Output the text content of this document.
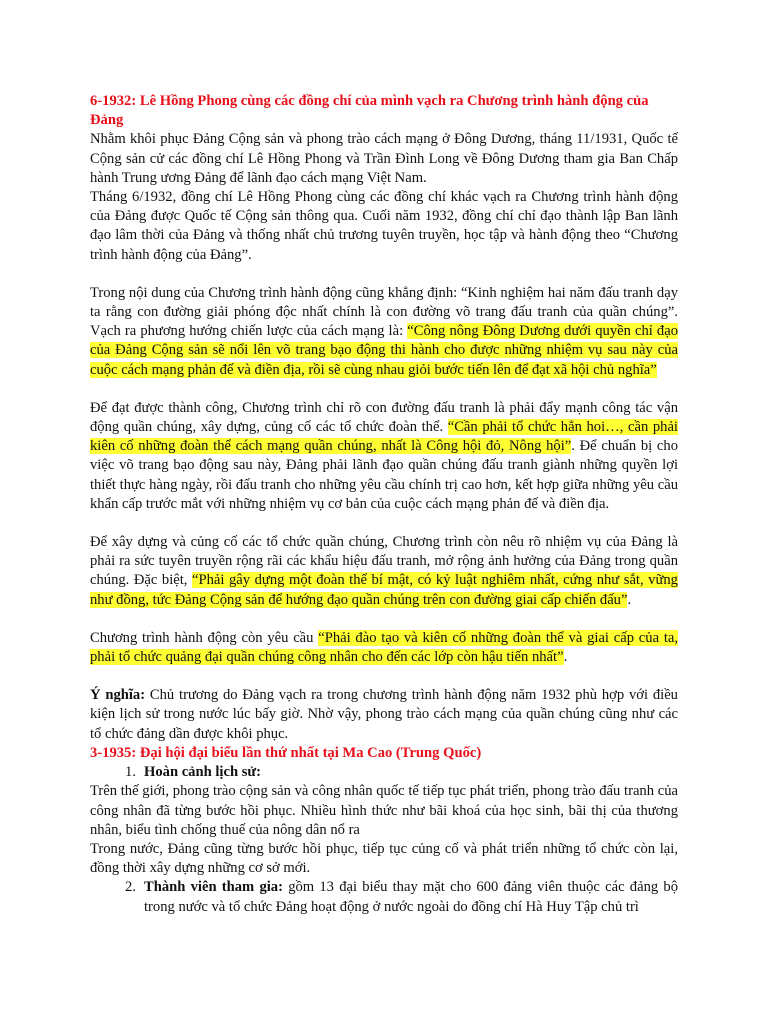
6-1932: Lê Hồng Phong cùng các đồng chí của mình vạch ra Chương trình hành động của Đảng

Nhằm khôi phục Đảng Cộng sản và phong trào cách mạng ở Đông Dương, tháng 11/1931, Quốc tế Cộng sản cử các đồng chí Lê Hồng Phong và Trần Đình Long về Đông Dương tham gia Ban Chấp hành Trung ương Đảng để lãnh đạo cách mạng Việt Nam.

Tháng 6/1932, đồng chí Lê Hồng Phong cùng các đồng chí khác vạch ra Chương trình hành động của Đảng được Quốc tế Cộng sản thông qua. Cuối năm 1932, đồng chí chỉ đạo thành lập Ban lãnh đạo lâm thời của Đảng và thống nhất chủ trương tuyên truyền, học tập và hành động theo “Chương trình hành động của Đảng”.

Trong nội dung của Chương trình hành động cũng khẳng định: “Kinh nghiệm hai năm đấu tranh dạy ta rằng con đường giải phóng độc nhất chính là con đường võ trang đấu tranh của quần chúng”. Vạch ra phương hướng chiến lược của cách mạng là: “Công nông Đông Dương dưới quyền chỉ đạo của Đảng Cộng sản sẽ nổi lên võ trang bạo động thi hành cho được những nhiệm vụ sau này của cuộc cách mạng phản đế và điền địa, rồi sẽ cùng nhau giỏi bước tiến lên để đạt xã hội chủ nghĩa”

Để đạt được thành công, Chương trình chỉ rõ con đường đấu tranh là phải đẩy mạnh công tác vận động quần chúng, xây dựng, củng cố các tổ chức đoàn thể. “Cần phải tổ chức hẳn hoi…, cần phải kiên cố những đoàn thể cách mạng quần chúng, nhất là Công hội đỏ, Nông hội”. Để chuẩn bị cho việc võ trang bạo động sau này, Đảng phải lãnh đạo quần chúng đấu tranh giành những quyền lợi thiết thực hàng ngày, rồi đấu tranh cho những yêu cầu chính trị cao hơn, kết hợp giữa những yêu cầu khẩn cấp trước mắt với những nhiệm vụ cơ bản của cuộc cách mạng phản đế và điền địa.

Để xây dựng và củng cố các tổ chức quần chúng, Chương trình còn nêu rõ nhiệm vụ của Đảng là phải ra sức tuyên truyền rộng rãi các khẩu hiệu đấu tranh, mở rộng ảnh hưởng của Đảng trong quần chúng. Đặc biệt, “Phải gây dựng một đoàn thể bí mật, có kỷ luật nghiêm nhất, cứng như sắt, vững như đồng, tức Đảng Cộng sản để hướng đạo quần chúng trên con đường giai cấp chiến đấu”.

Chương trình hành động còn yêu cầu “Phải đào tạo và kiên cố những đoàn thể và giai cấp của ta, phải tổ chức quảng đại quần chúng công nhân cho đến các lớp còn hậu tiến nhất”.

Ý nghĩa: Chủ trương do Đảng vạch ra trong chương trình hành động năm 1932 phù hợp với điều kiện lịch sử trong nước lúc bấy giờ. Nhờ vậy, phong trào cách mạng của quần chúng cũng như các tổ chức đảng dần được khôi phục.

3-1935: Đại hội đại biểu lần thứ nhất tại Ma Cao (Trung Quốc)

1. Hoàn cảnh lịch sử:

Trên thế giới, phong trào cộng sản và công nhân quốc tế tiếp tục phát triển, phong trào đấu tranh của công nhân đã từng bước hồi phục. Nhiều hình thức như bãi khoá của học sinh, bãi thị của thương nhân, biểu tình chống thuế của nông dân nổ ra

Trong nước, Đảng cũng từng bước hồi phục, tiếp tục củng cố và phát triển những tổ chức còn lại, đồng thời xây dựng những cơ sở mới.

2. Thành viên tham gia: gồm 13 đại biểu thay mặt cho 600 đảng viên thuộc các đảng bộ trong nước và tổ chức Đảng hoạt động ở nước ngoài do đồng chí Hà Huy Tập chủ trì
